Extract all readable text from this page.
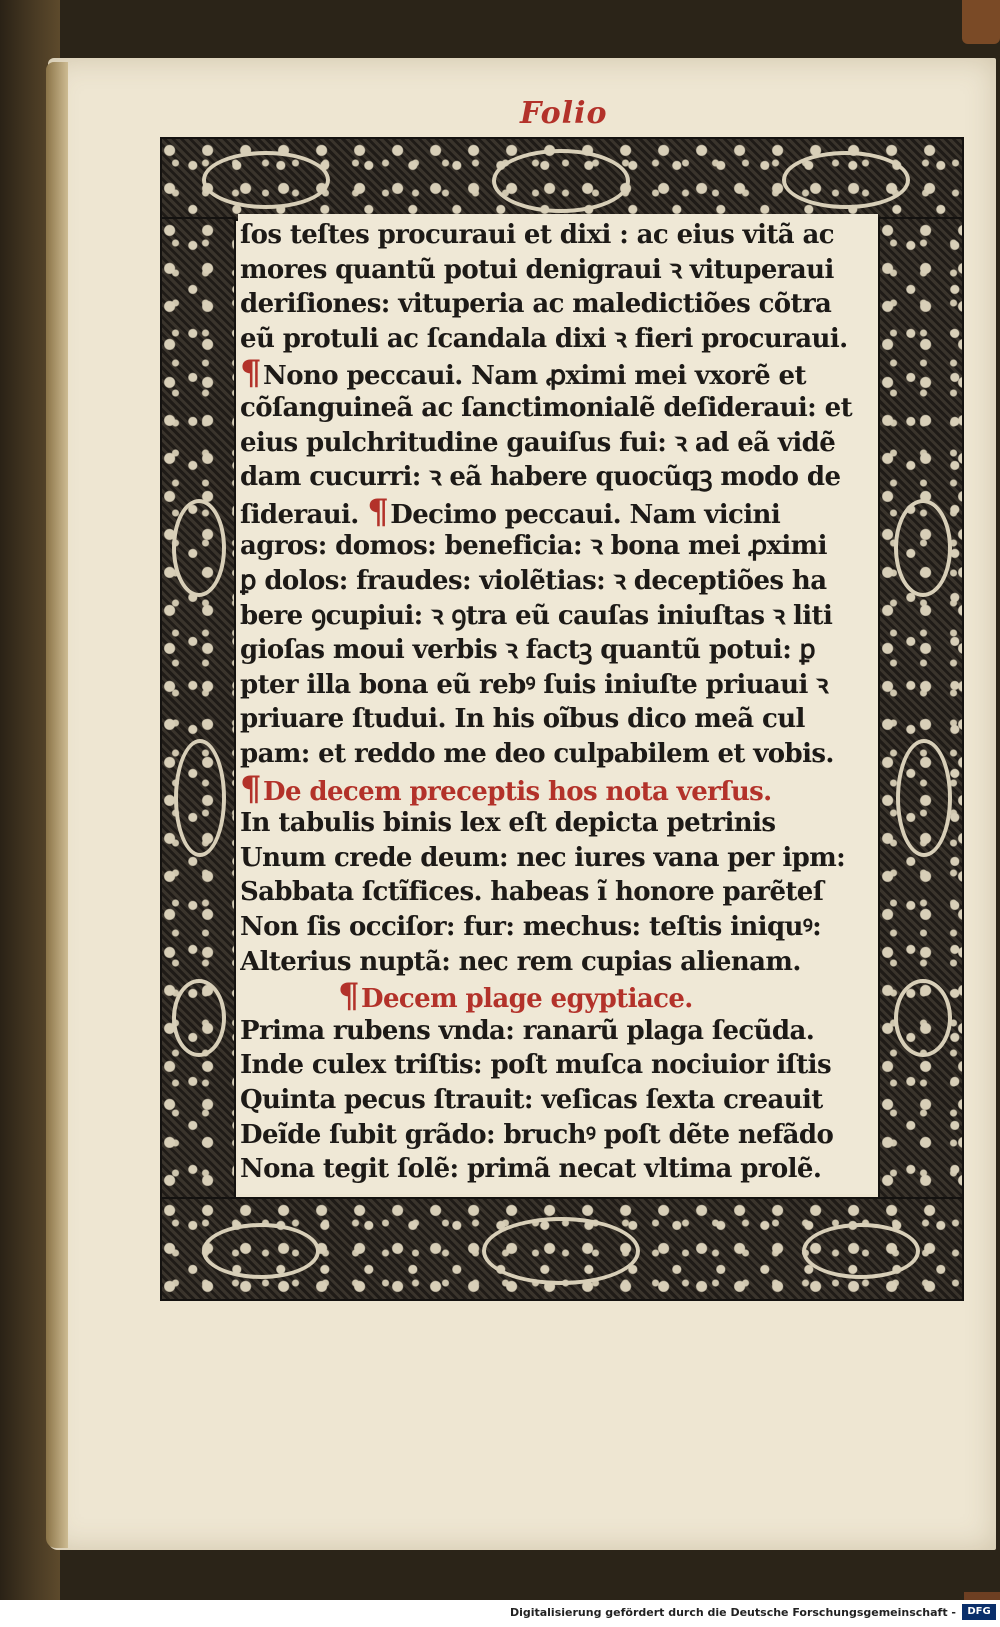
Folio
ſos teſtes procuraui et dixi : ac eius vitã ac
mores quantũ potui denigraui ꝛ vituperaui
deriſiones: vituperia ac maledictiões cõtra
eũ protuli ac ſcandala dixi ꝛ fieri procuraui.
¶Nono peccaui. Nam ꝓximi mei vxorẽ et
cõſanguineã ac ſanctimonialẽ deſideraui: et
eius pulchritudine gauiſus fui: ꝛ ad eã vidẽ
dam cucurri: ꝛ eã habere quocũqꝫ modo de
ſideraui. ¶Decimo peccaui. Nam vicini
agros: domos: beneficia: ꝛ bona mei ꝓximi
ꝑ dolos: fraudes: violẽtias: ꝛ deceptiões ha
bere ꝯcupiui: ꝛ ꝯtra eũ cauſas iniuſtas ꝛ liti
gioſas moui verbis ꝛ factꝫ quantũ potui: ꝑ
pter illa bona eũ rebꝰ ſuis iniuſte priuaui ꝛ
priuare ſtudui. In his oĩbus dico meã cul
pam: et reddo me deo culpabilem et vobis.
¶De decem preceptis hos nota verſus.
In tabulis binis lex eſt depicta petrinis
Unum crede deum: nec iures vana per ipm:
Sabbata ſctĩfices. habeas ĩ honore parẽteſ
Non ſis occiſor: fur: mechus: teſtis iniquꝰ:
Alterius nuptã: nec rem cupias alienam.
¶Decem plage egyptiace.
Prima rubens vnda: ranarũ plaga ſecũda.
Inde culex triſtis: poſt muſca nociuior iſtis
Quinta pecus ſtrauit: veſicas ſexta creauit
Deĩde ſubit grãdo: bruchꝰ poſt dẽte nefãdo
Nona tegit ſolẽ: primã necat vltima prolẽ.
Digitalisierung gefördert durch die Deutsche Forschungsgemeinschaft -	DFG
